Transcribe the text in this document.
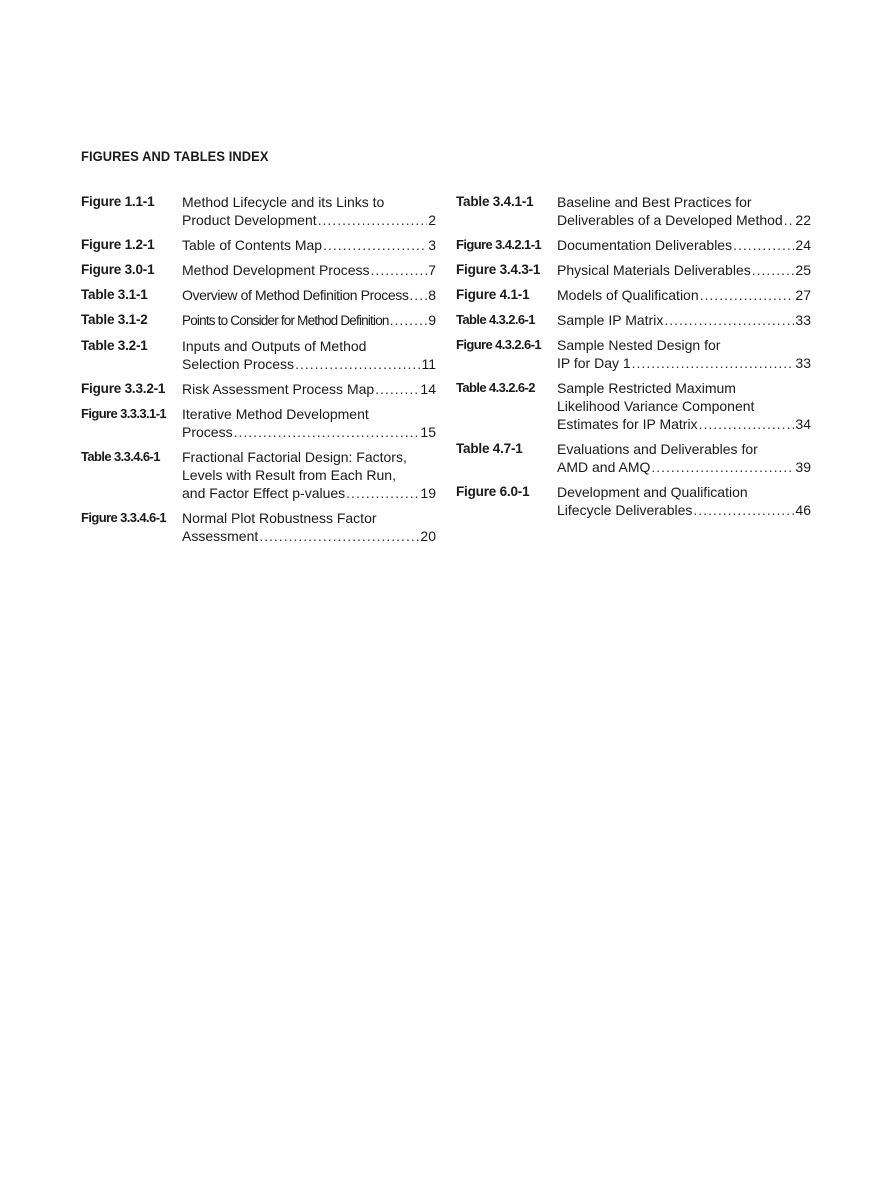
FIGURES AND TABLES INDEX
Figure 1.1-1	Method Lifecycle and its Links to
Product Development .....	2
Figure 1.2-1	Table of Contents Map .....	3
Figure 3.0-1	Method Development Process .....	7
Table 3.1-1	Overview of Method Definition Process ..... 8
Table 3.1-2	Points to Consider for Method Definition .....	9
Table 3.2-1	Inputs and Outputs of Method
Selection Process .....	11
Figure 3.3.2-1	Risk Assessment Process Map .....	14
Figure 3.3.3.1-1	Iterative Method Development
Process .....	15
Table 3.3.4.6-1	Fractional Factorial Design: Factors,
Levels with Result from Each Run,
and Factor Effect p-values .....	19
Figure 3.3.4.6-1	Normal Plot Robustness Factor
Assessment .....	20
Table 3.4.1-1	Baseline and Best Practices for
Deliverables of a Developed Method ..... 22
Figure 3.4.2.1-1	Documentation Deliverables .....	24
Figure 3.4.3-1	Physical Materials Deliverables .....	25
Figure 4.1-1	Models of Qualification .....	27
Table 4.3.2.6-1	Sample IP Matrix .....	33
Figure 4.3.2.6-1	Sample Nested Design for
IP for Day 1 .....	33
Table 4.3.2.6-2	Sample Restricted Maximum
Likelihood Variance Component
Estimates for IP Matrix .....	34
Table 4.7-1	Evaluations and Deliverables for
AMD and AMQ .....	39
Figure 6.0-1	Development and Qualification
Lifecycle Deliverables .....	46
